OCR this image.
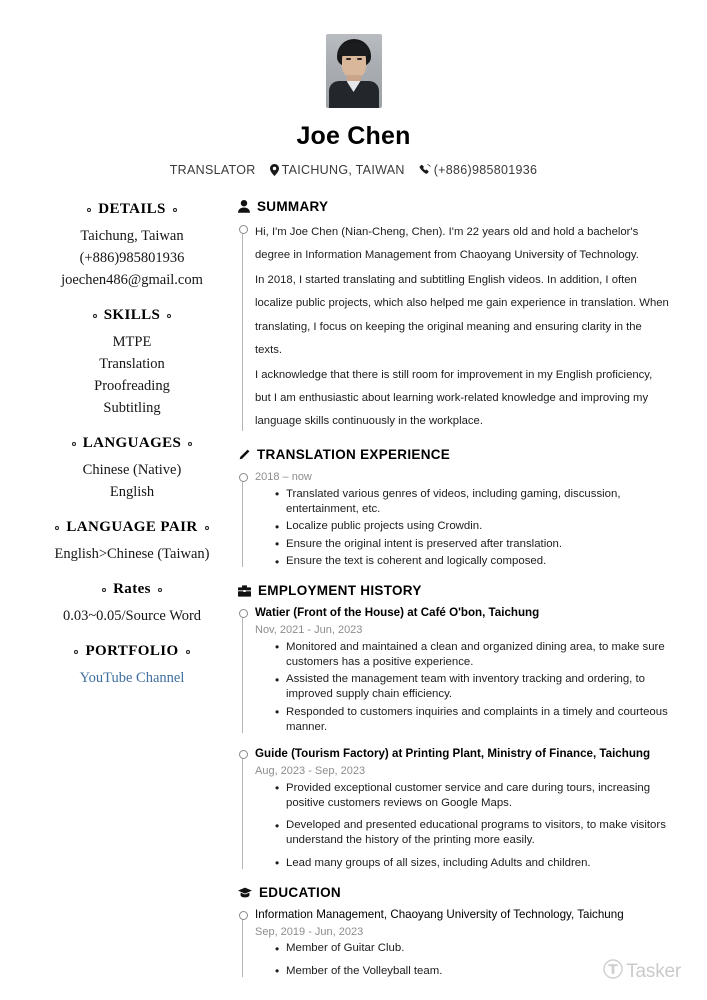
Joe Chen
TRANSLATOR TAICHUNG, TAIWAN (+886)985801936
DETAILS
Taichung, Taiwan
(+886)985801936
joechen486@gmail.com
SKILLS
MTPE
Translation
Proofreading
Subtitling
LANGUAGES
Chinese (Native)
English
LANGUAGE PAIR
English>Chinese (Taiwan)
Rates
0.03~0.05/Source Word
PORTFOLIO
YouTube Channel
SUMMARY

Hi, I'm Joe Chen (Nian-Cheng, Chen). I'm 22 years old and hold a bachelor's degree in Information Management from Chaoyang University of Technology.

In 2018, I started translating and subtitling English videos. In addition, I often localize public projects, which also helped me gain experience in translation. When translating, I focus on keeping the original meaning and ensuring clarity in the texts.

I acknowledge that there is still room for improvement in my English proficiency, but I am enthusiastic about learning work-related knowledge and improving my language skills continuously in the workplace.

TRANSLATION EXPERIENCE
2018 – now
• Translated various genres of videos, including gaming, discussion, entertainment, etc.
• Localize public projects using Crowdin.
• Ensure the original intent is preserved after translation.
• Ensure the text is coherent and logically composed.
EMPLOYMENT HISTORY
Watier (Front of the House) at Café O'bon, Taichung
Nov, 2021 - Jun, 2023
• Monitored and maintained a clean and organized dining area, to make sure customers has a positive experience.
• Assisted the management team with inventory tracking and ordering, to improved supply chain efficiency.
• Responded to customers inquiries and complaints in a timely and courteous manner.
Guide (Tourism Factory) at Printing Plant, Ministry of Finance, Taichung
Aug, 2023 - Sep, 2023
• Provided exceptional customer service and care during tours, increasing positive customers reviews on Google Maps.
• Developed and presented educational programs to visitors, to make visitors understand the history of the printing more easily.
• Lead many groups of all sizes, including Adults and children.
EDUCATION
Information Management, Chaoyang University of Technology, Taichung
Sep, 2019 - Jun, 2023
• Member of Guitar Club.
• Member of the Volleyball team.	Tasker
